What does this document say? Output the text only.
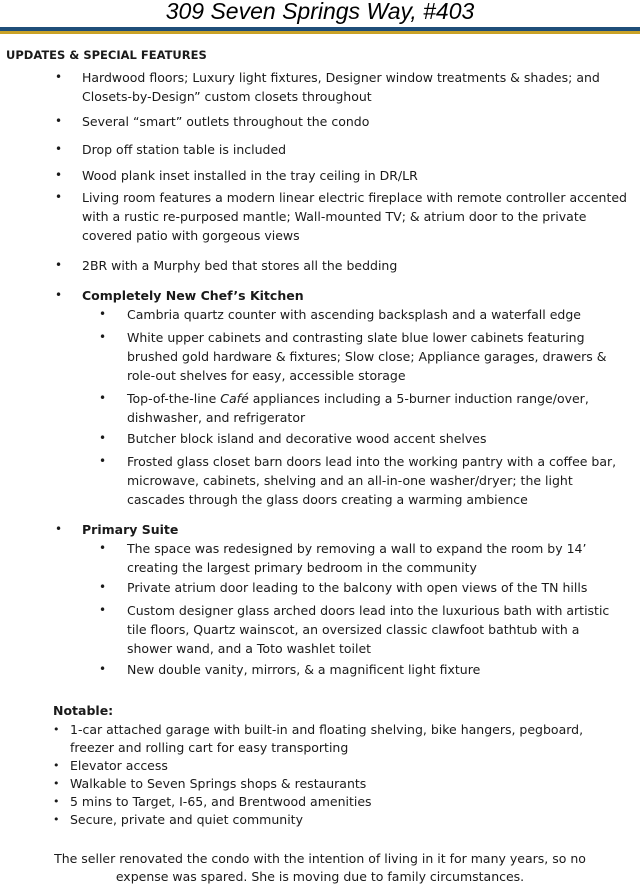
309 Seven Springs Way, #403
UPDATES & SPECIAL FEATURES
• Hardwood floors; Luxury light fixtures, Designer window treatments & shades; and Closets-by-Design” custom closets throughout
• Several “smart” outlets throughout the condo
• Drop off station table is included
• Wood plank inset installed in the tray ceiling in DR/LR
• Living room features a modern linear electric fireplace with remote controller accented with a rustic re-purposed mantle; Wall-mounted TV; & atrium door to the private covered patio with gorgeous views
• 2BR with a Murphy bed that stores all the bedding
• Completely New Chef’s Kitchen
• Cambria quartz counter with ascending backsplash and a waterfall edge
• White upper cabinets and contrasting slate blue lower cabinets featuring brushed gold hardware & fixtures; Slow close; Appliance garages, drawers & role-out shelves for easy, accessible storage
• Top-of-the-line Café appliances including a 5-burner induction range/over, dishwasher, and refrigerator
• Butcher block island and decorative wood accent shelves
• Frosted glass closet barn doors lead into the working pantry with a coffee bar, microwave, cabinets, shelving and an all-in-one washer/dryer; the light cascades through the glass doors creating a warming ambience
• Primary Suite
• The space was redesigned by removing a wall to expand the room by 14’ creating the largest primary bedroom in the community
• Private atrium door leading to the balcony with open views of the TN hills
• Custom designer glass arched doors lead into the luxurious bath with artistic tile floors, Quartz wainscot, an oversized classic clawfoot bathtub with a shower wand, and a Toto washlet toilet
• New double vanity, mirrors, & a magnificent light fixture
Notable:
• 1-car attached garage with built-in and floating shelving, bike hangers, pegboard, freezer and rolling cart for easy transporting
• Elevator access
• Walkable to Seven Springs shops & restaurants
• 5 mins to Target, I-65, and Brentwood amenities
• Secure, private and quiet community
The seller renovated the condo with the intention of living in it for many years, so no expense was spared. She is moving due to family circumstances.
